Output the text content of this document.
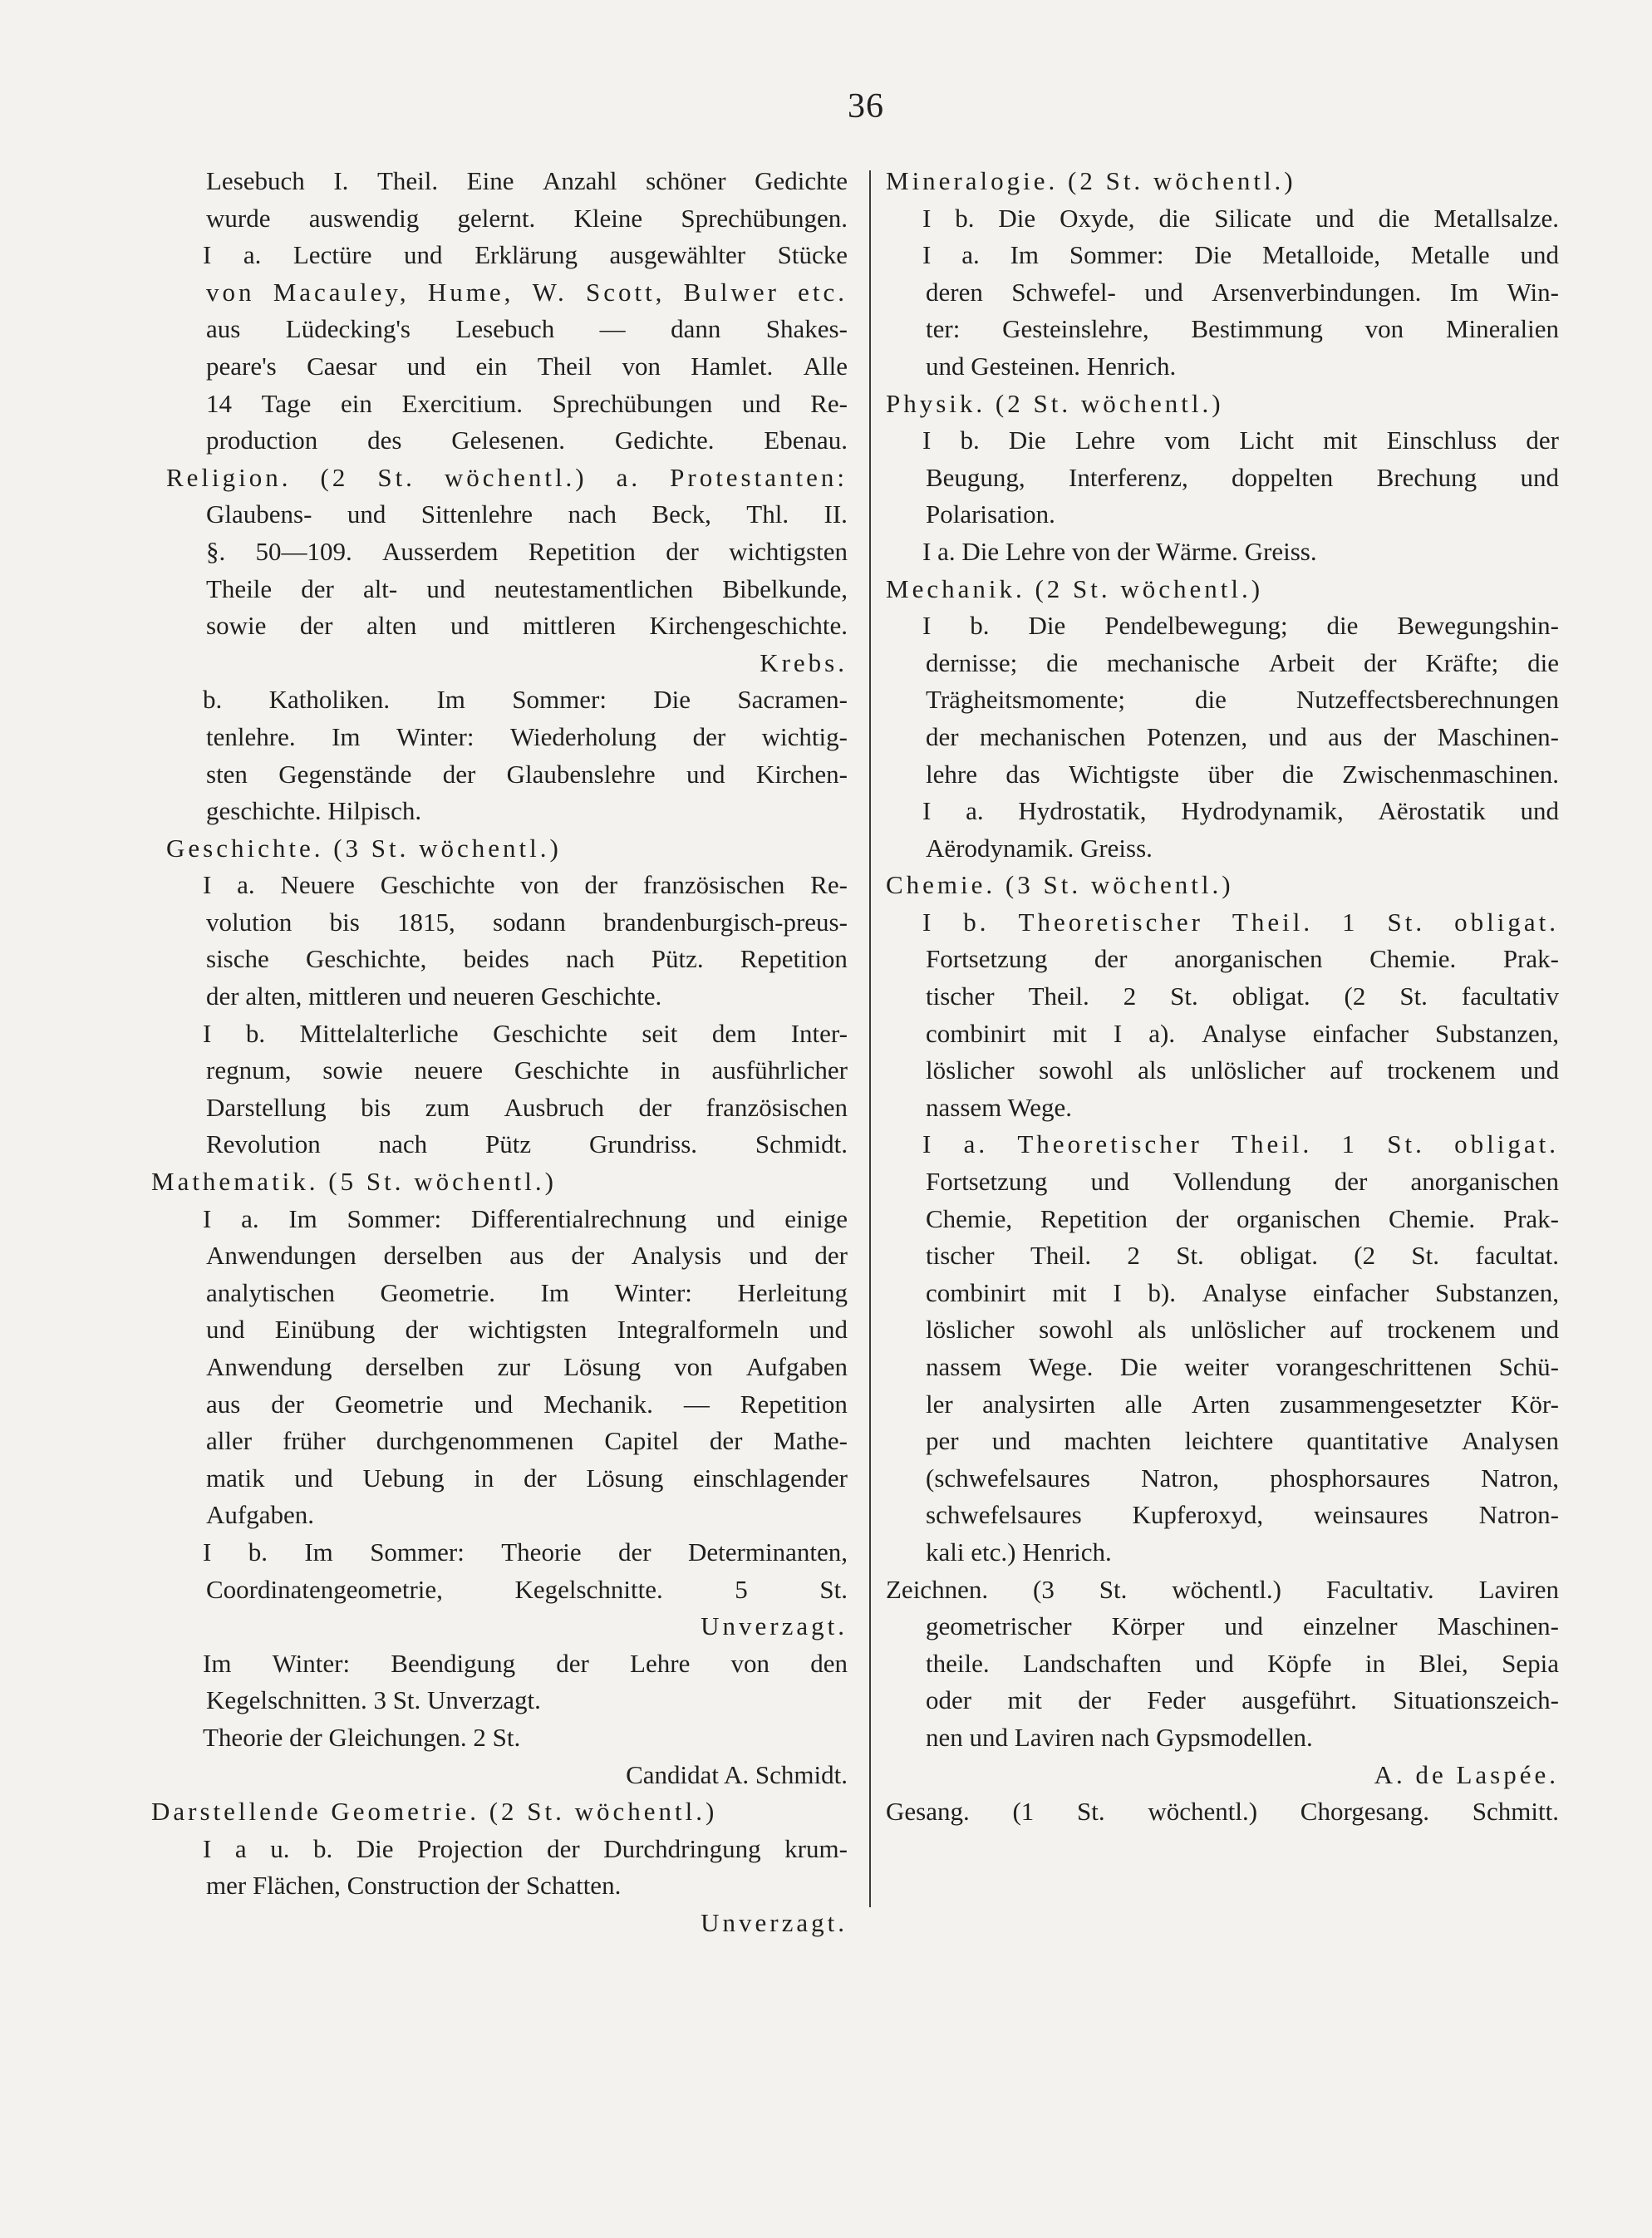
36
Lesebuch I. Theil. Eine Anzahl schöner Gedichte
wurde auswendig gelernt. Kleine Sprechübungen.
I a. Lectüre und Erklärung ausgewählter Stücke
von Macauley, Hume, W. Scott, Bulwer etc.
aus Lüdecking's Lesebuch — dann Shakes-
peare's Caesar und ein Theil von Hamlet. Alle
14 Tage ein Exercitium. Sprechübungen und Re-
production des Gelesenen. Gedichte. Ebenau.
Religion. (2 St. wöchentl.) a. Protestanten:
Glaubens- und Sittenlehre nach Beck, Thl. II.
§. 50—109. Ausserdem Repetition der wichtigsten
Theile der alt- und neutestamentlichen Bibelkunde,
sowie der alten und mittleren Kirchengeschichte.
Krebs.
b. Katholiken. Im Sommer: Die Sacramen-
tenlehre. Im Winter: Wiederholung der wichtig-
sten Gegenstände der Glaubenslehre und Kirchen-
geschichte. Hilpisch.
Geschichte. (3 St. wöchentl.)
I a. Neuere Geschichte von der französischen Re-
volution bis 1815, sodann brandenburgisch-preus-
sische Geschichte, beides nach Pütz. Repetition
der alten, mittleren und neueren Geschichte.
I b. Mittelalterliche Geschichte seit dem Inter-
regnum, sowie neuere Geschichte in ausführlicher
Darstellung bis zum Ausbruch der französischen
Revolution nach Pütz Grundriss. Schmidt.
Mathematik. (5 St. wöchentl.)
I a. Im Sommer: Differentialrechnung und einige
Anwendungen derselben aus der Analysis und der
analytischen Geometrie. Im Winter: Herleitung
und Einübung der wichtigsten Integralformeln und
Anwendung derselben zur Lösung von Aufgaben
aus der Geometrie und Mechanik. — Repetition
aller früher durchgenommenen Capitel der Mathe-
matik und Uebung in der Lösung einschlagender
Aufgaben.
I b. Im Sommer: Theorie der Determinanten,
Coordinatengeometrie,	Kegelschnitte.	5	St.
Unverzagt.
Im Winter: Beendigung der Lehre von den
Kegelschnitten. 3 St. Unverzagt.
Theorie der Gleichungen. 2 St.
Candidat A. Schmidt.
Darstellende Geometrie. (2 St. wöchentl.)
I a u. b. Die Projection der Durchdringung krum-
mer Flächen, Construction der Schatten.
Unverzagt.
Mineralogie. (2 St. wöchentl.)
I b. Die Oxyde, die Silicate und die Metallsalze.
I a. Im Sommer: Die Metalloide, Metalle und
deren Schwefel- und Arsenverbindungen. Im Win-
ter: Gesteinslehre, Bestimmung von Mineralien
und Gesteinen. Henrich.
Physik. (2 St. wöchentl.)
I b. Die Lehre vom Licht mit Einschluss der
Beugung, Interferenz, doppelten Brechung und
Polarisation.
I a. Die Lehre von der Wärme. Greiss.
Mechanik. (2 St. wöchentl.)
I b. Die Pendelbewegung; die Bewegungshin-
dernisse; die mechanische Arbeit der Kräfte; die
Trägheitsmomente;	die	Nutzeffectsberechnungen
der mechanischen Potenzen, und aus der Maschinen-
lehre das Wichtigste über die Zwischenmaschinen.
I a. Hydrostatik, Hydrodynamik, Aërostatik und
Aërodynamik. Greiss.
Chemie. (3 St. wöchentl.)
I b. Theoretischer Theil. 1 St. obligat.
Fortsetzung der anorganischen Chemie. Prak-
tischer Theil. 2 St. obligat. (2 St. facultativ
combinirt mit I a). Analyse einfacher Substanzen,
löslicher sowohl als unlöslicher auf trockenem und
nassem Wege.
I a. Theoretischer Theil. 1 St. obligat.
Fortsetzung und Vollendung der anorganischen
Chemie, Repetition der organischen Chemie. Prak-
tischer Theil. 2 St. obligat. (2 St. facultat.
combinirt mit I b). Analyse einfacher Substanzen,
löslicher sowohl als unlöslicher auf trockenem und
nassem Wege. Die weiter vorangeschrittenen Schü-
ler analysirten alle Arten zusammengesetzter Kör-
per und machten leichtere quantitative Analysen
(schwefelsaures Natron, phosphorsaures Natron,
schwefelsaures Kupferoxyd, weinsaures Natron-
kali etc.) Henrich.
Zeichnen. (3 St. wöchentl.) Facultativ. Laviren
geometrischer Körper und einzelner Maschinen-
theile. Landschaften und Köpfe in Blei, Sepia
oder mit der Feder ausgeführt. Situationszeich-
nen und Laviren nach Gypsmodellen.
A. de Laspée.
Gesang. (1 St. wöchentl.) Chorgesang. Schmitt.
